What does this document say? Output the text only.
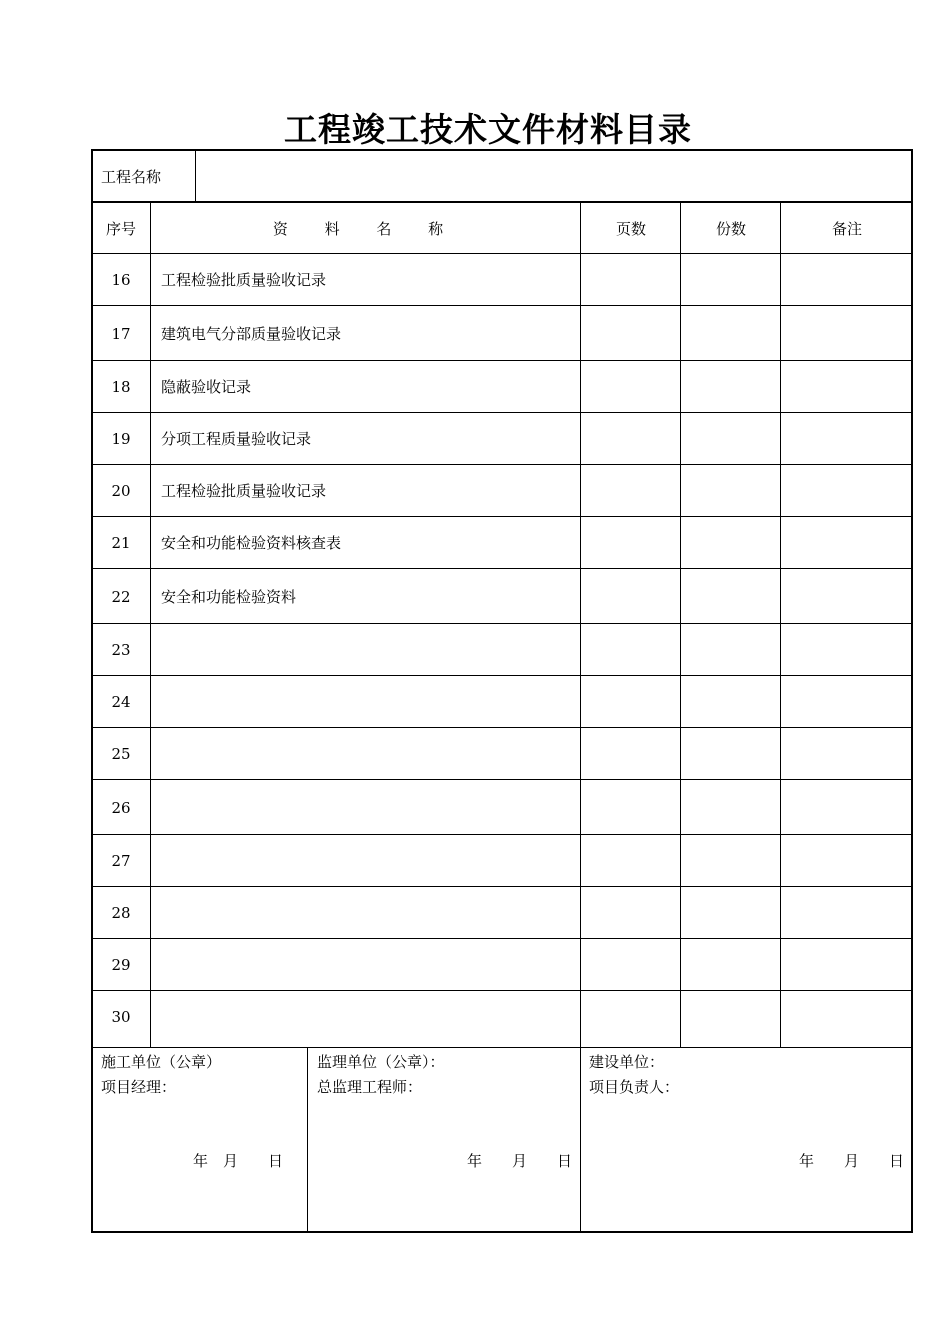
工程竣工技术文件材料目录
工程名称
序号	资 料 名 称	页数	份数	备注
16	工程检验批质量验收记录
17	建筑电气分部质量验收记录
18	隐蔽验收记录
19	分项工程质量验收记录
20	工程检验批质量验收记录
21	安全和功能检验资料核查表
22	安全和功能检验资料
23
24
25
26
27
28
29
30
施工单位（公章）
项目经理：
年　月　　日
监理单位（公章）：
总监理工程师：
年　　月　　日
建设单位：
项目负责人：
年　　月　　日
